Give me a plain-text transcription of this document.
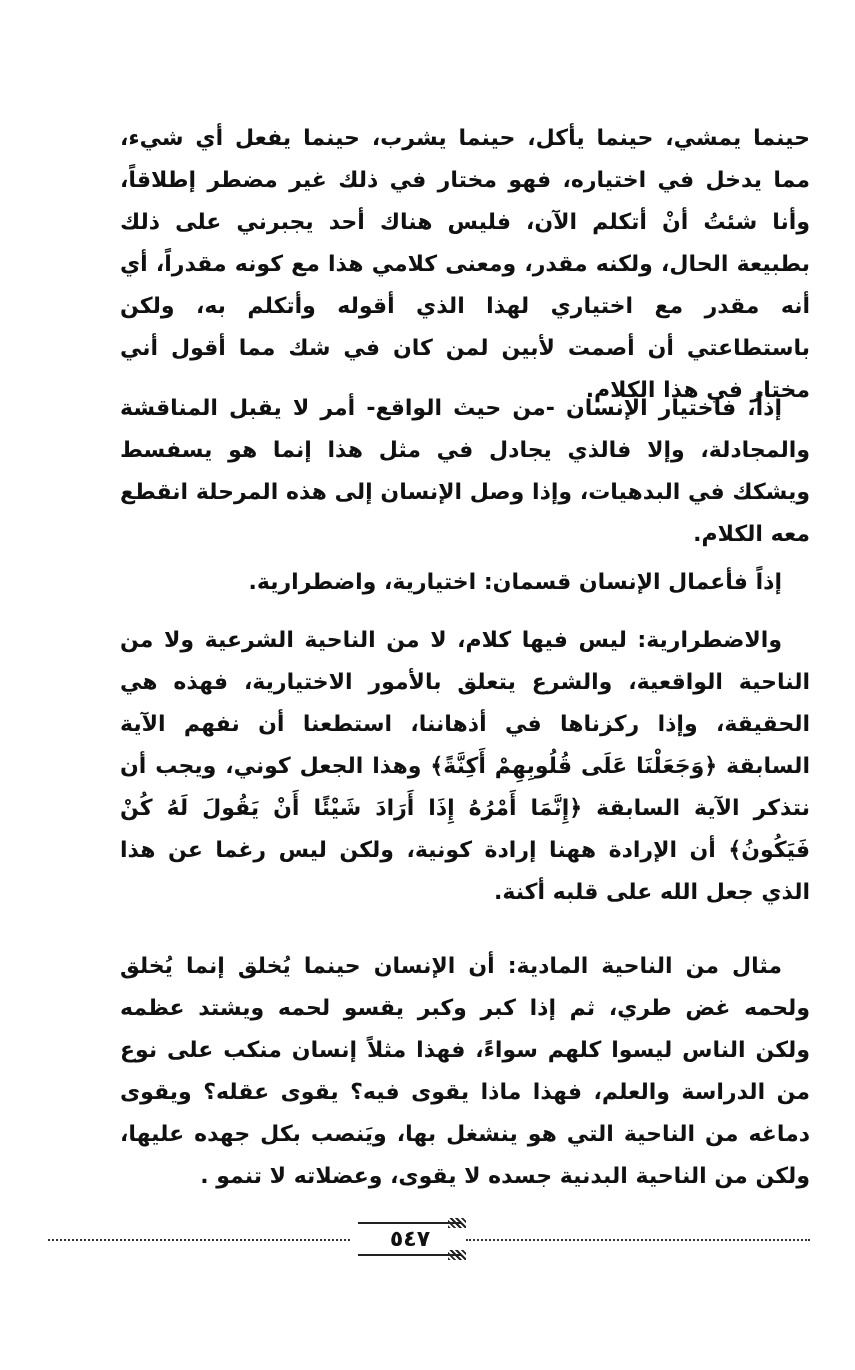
حينما يمشي، حينما يأكل، حينما يشرب، حينما يفعل أي شيء، مما يدخل في اختياره، فهو مختار في ذلك غير مضطر إطلاقاً، وأنا شئتُ أنْ أتكلم الآن، فليس هناك أحد يجبرني على ذلك بطبيعة الحال، ولكنه مقدر، ومعنى كلامي هذا مع كونه مقدراً، أي أنه مقدر مع اختياري لهذا الذي أقوله وأتكلم به، ولكن باستطاعتي أن أصمت لأبين لمن كان في شك مما أقول أني مختار في هذا الكلام.

إذاً، فاختيار الإنسان -من حيث الواقع- أمر لا يقبل المناقشة والمجادلة، وإلا فالذي يجادل في مثل هذا إنما هو يسفسط ويشكك في البدهيات، وإذا وصل الإنسان إلى هذه المرحلة انقطع معه الكلام.

إذاً فأعمال الإنسان قسمان: اختيارية، واضطرارية.

والاضطرارية: ليس فيها كلام، لا من الناحية الشرعية ولا من الناحية الواقعية، والشرع يتعلق بالأمور الاختيارية، فهذه هي الحقيقة، وإذا ركزناها في أذهاننا، استطعنا أن نفهم الآية السابقة ﴿وَجَعَلْنَا عَلَى قُلُوبِهِمْ أَكِنَّةً﴾ وهذا الجعل كوني، ويجب أن نتذكر الآية السابقة ﴿إِنَّمَا أَمْرُهُ إِذَا أَرَادَ شَيْئًا أَنْ يَقُولَ لَهُ كُنْ فَيَكُونُ﴾ أن الإرادة ههنا إرادة كونية، ولكن ليس رغما عن هذا الذي جعل الله على قلبه أكنة.

مثال من الناحية المادية: أن الإنسان حينما يُخلق إنما يُخلق ولحمه غض طري، ثم إذا كبر وكبر يقسو لحمه ويشتد عظمه ولكن الناس ليسوا كلهم سواءً، فهذا مثلاً إنسان منكب على نوع من الدراسة والعلم، فهذا ماذا يقوى فيه؟ يقوى عقله؟ ويقوى دماغه من الناحية التي هو ينشغل بها، ويَنصب بكل جهده عليها، ولكن من الناحية البدنية جسده لا يقوى، وعضلاته لا تنمو .

٥٤٧
